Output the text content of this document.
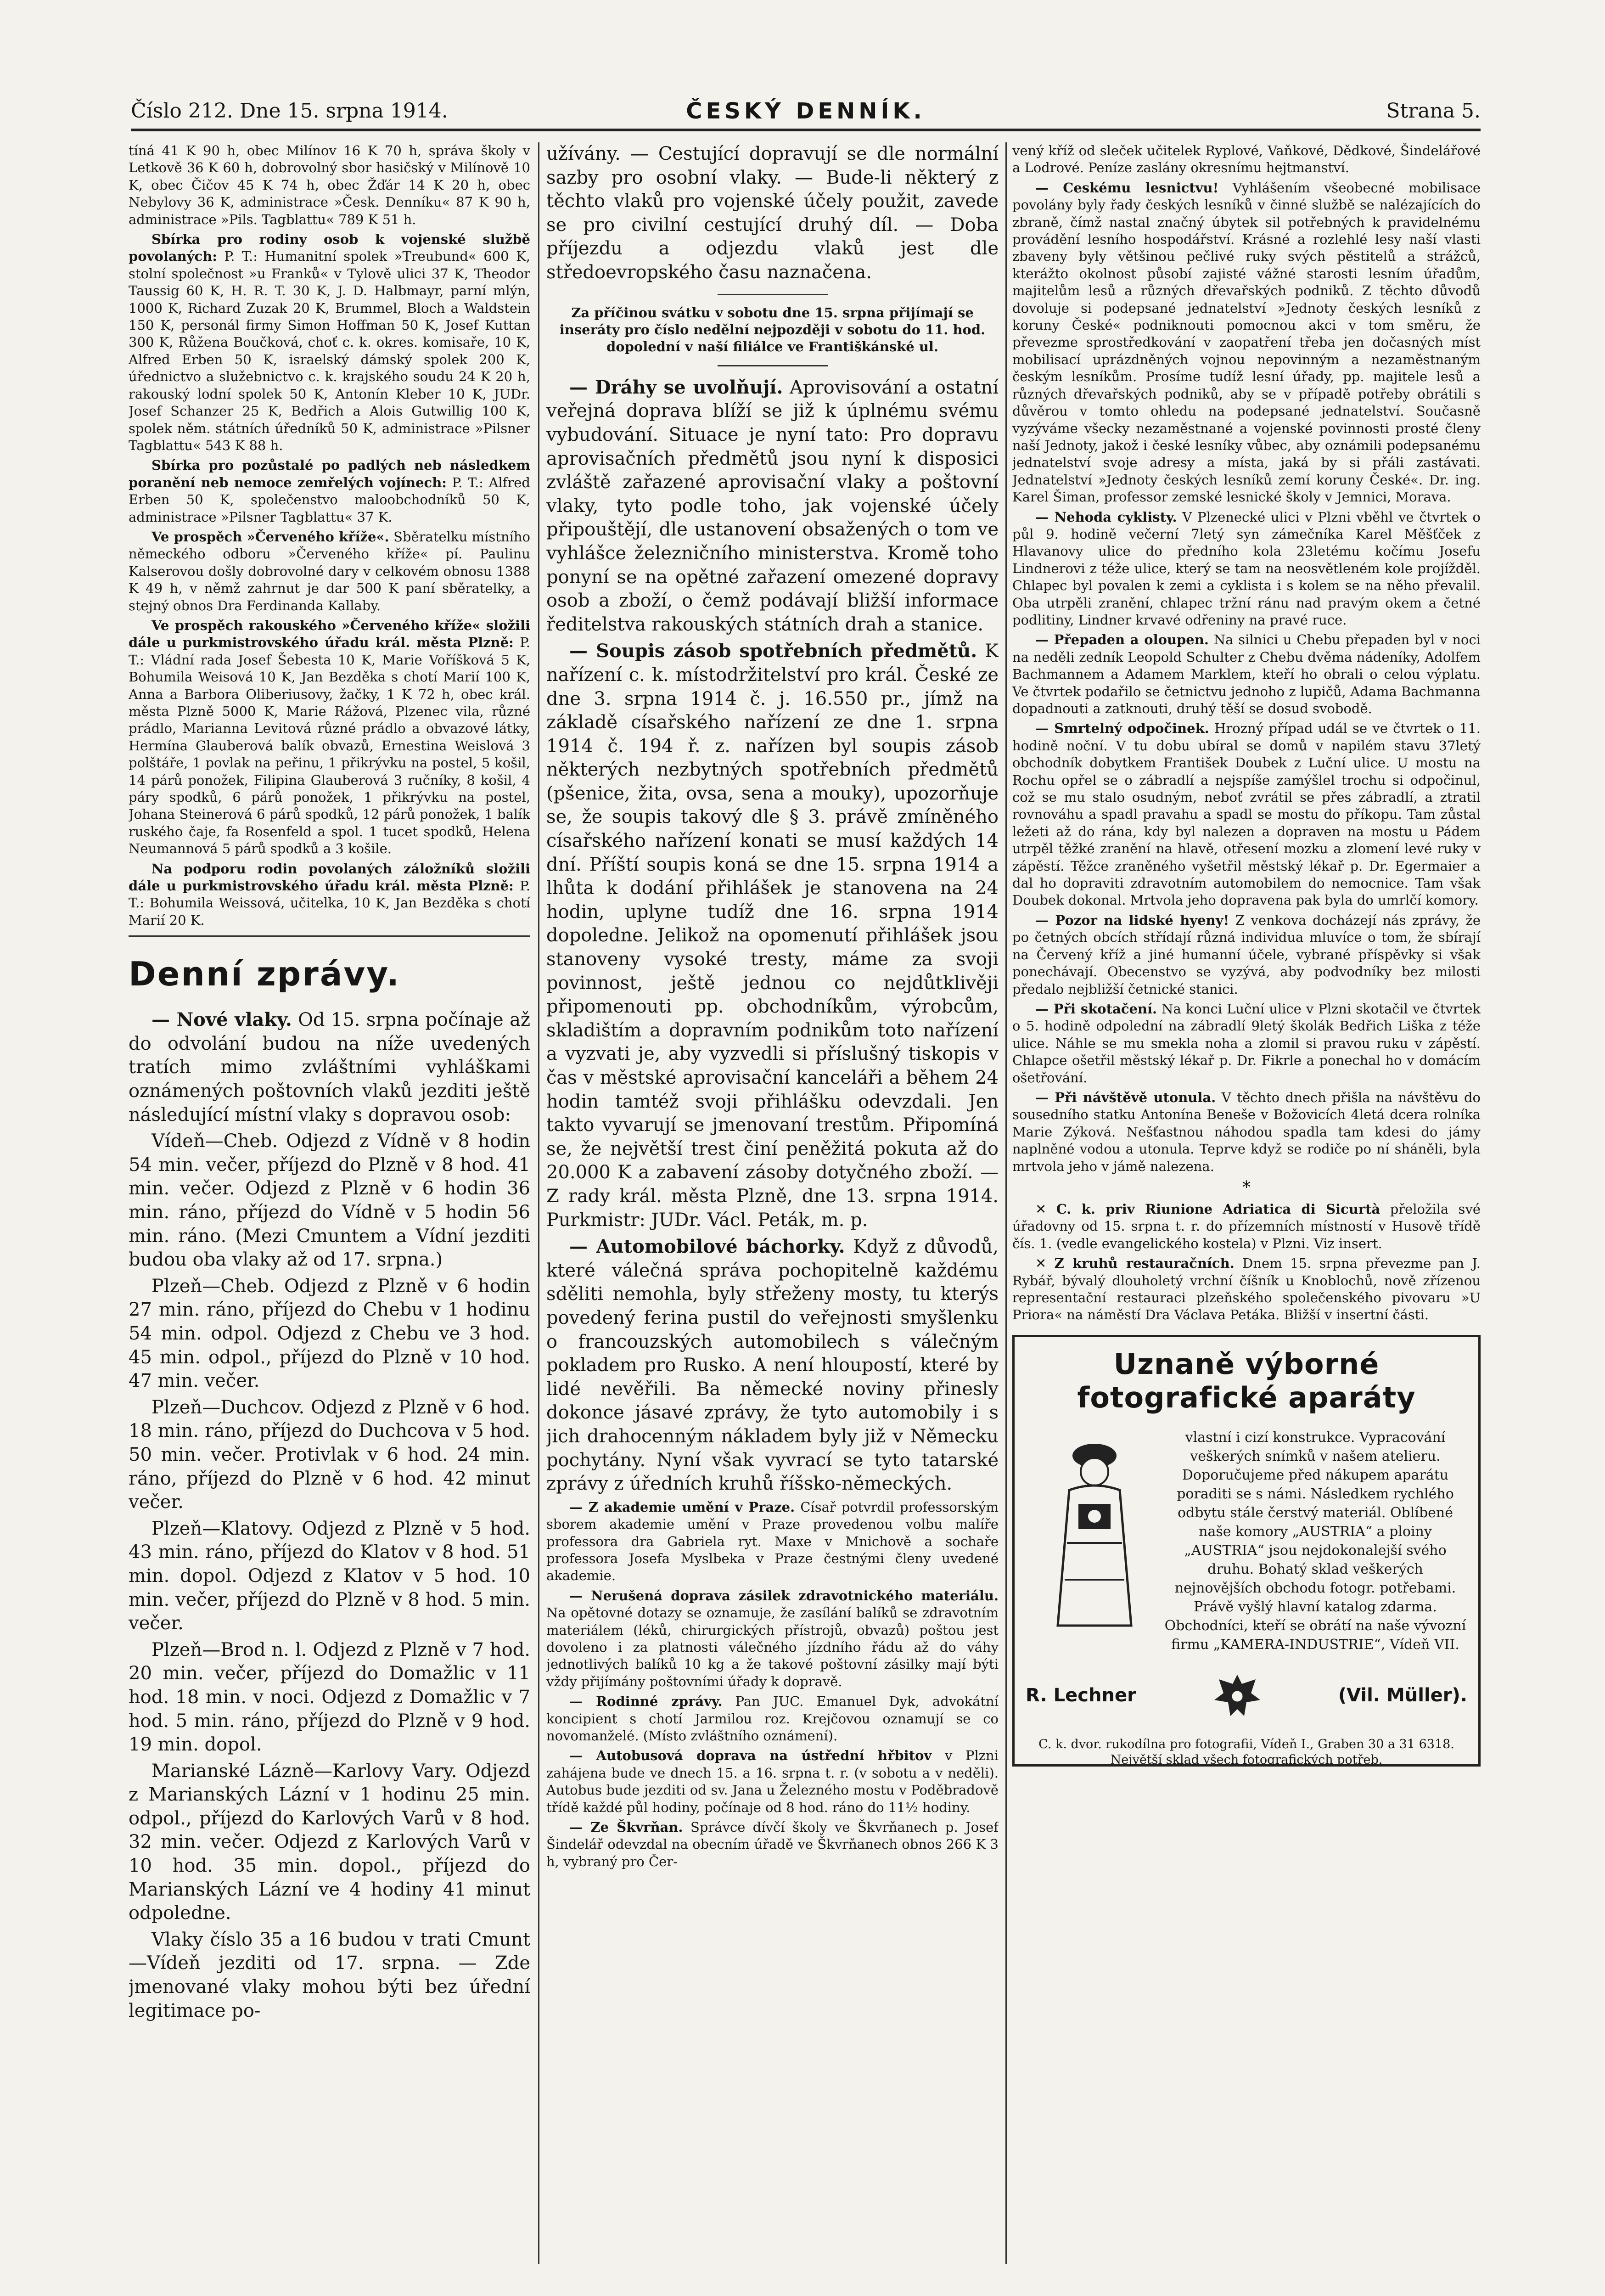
Číslo 212. Dne 15. srpna 1914.	ČESKÝ DENNÍK.	Strana 5.

tíná 41 K 90 h, obec Milínov 16 K 70 h, správa školy v Letkově 36 K 60 h, dobrovolný sbor hasičský v Milínově 10 K, obec Čičov 45 K 74 h, obec Žďár 14 K 20 h, obec Nebylovy 36 K, administrace »Česk. Denníku« 87 K 90 h, administrace »Pils. Tagblattu« 789 K 51 h.

Sbírka pro rodiny osob k vojenské službě povolaných: P. T.: Humanitní spolek »Treubund« 600 K, stolní společnost »u Franků« v Tylově ulici 37 K, Theodor Taussig 60 K, H. R. T. 30 K, J. D. Halbmayr, parní mlýn, 1000 K, Richard Zuzak 20 K, Brummel, Bloch a Waldstein 150 K, personál firmy Simon Hoffman 50 K, Josef Kuttan 300 K, Růžena Boučková, choť c. k. okres. komisaře, 10 K, Alfred Erben 50 K, israelský dámský spolek 200 K, úřednictvo a služebnictvo c. k. krajského soudu 24 K 20 h, rakouský lodní spolek 50 K, Antonín Kleber 10 K, JUDr. Josef Schanzer 25 K, Bedřich a Alois Gutwillig 100 K, spolek něm. státních úředníků 50 K, administrace »Pilsner Tagblattu« 543 K 88 h.

Sbírka pro pozůstalé po padlých neb následkem poranění neb nemoce zemřelých vojínech: P. T.: Alfred Erben 50 K, společenstvo maloobchodníků 50 K, administrace »Pilsner Tagblattu« 37 K.

Ve prospěch »Červeného kříže«. Sběratelku místního německého odboru »Červeného kříže« pí. Paulinu Kalserovou došly dobrovolné dary v celkovém obnosu 1388 K 49 h, v němž zahrnut je dar 500 K paní sběratelky, a stejný obnos Dra Ferdinanda Kallaby.

Ve prospěch rakouského »Červeného kříže« složili dále u purkmistrovského úřadu král. města Plzně: P. T.: Vládní rada Josef Šebesta 10 K, Marie Voříšková 5 K, Bohumila Weisová 10 K, Jan Bezděka s chotí Marií 100 K, Anna a Barbora Oliberiusovy, žačky, 1 K 72 h, obec král. města Plzně 5000 K, Marie Rážová, Plzenec vila, různé prádlo, Marianna Levitová různé prádlo a obvazové látky, Hermína Glauberová balík obvazů, Ernestina Weislová 3 polštáře, 1 povlak na peřinu, 1 přikrývku na postel, 5 košil, 14 párů ponožek, Filipina Glauberová 3 ručníky, 8 košil, 4 páry spodků, 6 párů ponožek, 1 přikrývku na postel, Johana Steinerová 6 párů spodků, 12 párů ponožek, 1 balík ruského čaje, fa Rosenfeld a spol. 1 tucet spodků, Helena Neumannová 5 párů spodků a 3 košile.

Na podporu rodin povolaných záložníků složili dále u purkmistrovského úřadu král. města Plzně: P. T.: Bohumila Weissová, učitelka, 10 K, Jan Bezděka s chotí Marií 20 K.

Denní zprávy.

— Nové vlaky. Od 15. srpna počínaje až do odvolání budou na níže uvedených tratích mimo zvláštními vyhláškami oznámených poštovních vlaků jezditi ještě následující místní vlaky s dopravou osob:

Vídeň—Cheb. Odjezd z Vídně v 8 hodin 54 min. večer, příjezd do Plzně v 8 hod. 41 min. večer. Odjezd z Plzně v 6 hodin 36 min. ráno, příjezd do Vídně v 5 hodin 56 min. ráno. (Mezi Cmuntem a Vídní jezditi budou oba vlaky až od 17. srpna.)

Plzeň—Cheb. Odjezd z Plzně v 6 hodin 27 min. ráno, příjezd do Chebu v 1 hodinu 54 min. odpol. Odjezd z Chebu ve 3 hod. 45 min. odpol., příjezd do Plzně v 10 hod. 47 min. večer.

Plzeň—Duchcov. Odjezd z Plzně v 6 hod. 18 min. ráno, příjezd do Duchcova v 5 hod. 50 min. večer. Protivlak v 6 hod. 24 min. ráno, příjezd do Plzně v 6 hod. 42 minut večer.

Plzeň—Klatovy. Odjezd z Plzně v 5 hod. 43 min. ráno, příjezd do Klatov v 8 hod. 51 min. dopol. Odjezd z Klatov v 5 hod. 10 min. večer, příjezd do Plzně v 8 hod. 5 min. večer.

Plzeň—Brod n. l. Odjezd z Plzně v 7 hod. 20 min. večer, příjezd do Domažlic v 11 hod. 18 min. v noci. Odjezd z Domažlic v 7 hod. 5 min. ráno, příjezd do Plzně v 9 hod. 19 min. dopol.

Marianské Lázně—Karlovy Vary. Odjezd z Marianských Lázní v 1 hodinu 25 min. odpol., příjezd do Karlových Varů v 8 hod. 32 min. večer. Odjezd z Karlových Varů v 10 hod. 35 min. dopol., příjezd do Marianských Lázní ve 4 hodiny 41 minut odpoledne.

Vlaky číslo 35 a 16 budou v trati Cmunt—Vídeň jezditi od 17. srpna. — Zde jmenované vlaky mohou býti bez úřední legitimace po-

užívány. — Cestující dopravují se dle normální sazby pro osobní vlaky. — Bude-li některý z těchto vlaků pro vojenské účely použit, zavede se pro civilní cestující druhý díl. — Doba příjezdu a odjezdu vlaků jest dle středoevropského času naznačena.

Za příčinou svátku v sobotu dne 15. srpna přijímají se inseráty pro číslo nedělní nejpozději v sobotu do 11. hod. dopolední v naší filiálce ve Františkánské ul.

— Dráhy se uvolňují. Aprovisování a ostatní veřejná doprava blíží se již k úplnému svému vybudování. Situace je nyní tato: Pro dopravu aprovisačních předmětů jsou nyní k disposici zvláště zařazené aprovisační vlaky a poštovní vlaky, tyto podle toho, jak vojenské účely připouštějí, dle ustanovení obsažených o tom ve vyhlášce železničního ministerstva. Kromě toho ponyní se na opětné zařazení omezené dopravy osob a zboží, o čemž podávají bližší informace ředitelstva rakouských státních drah a stanice.

— Soupis zásob spotřebních předmětů. K nařízení c. k. místodržitelství pro král. České ze dne 3. srpna 1914 č. j. 16.550 pr., jímž na základě císařského nařízení ze dne 1. srpna 1914 č. 194 ř. z. nařízen byl soupis zásob některých nezbytných spotřebních předmětů (pšenice, žita, ovsa, sena a mouky), upozorňuje se, že soupis takový dle § 3. právě zmíněného císařského nařízení konati se musí každých 14 dní. Příští soupis koná se dne 15. srpna 1914 a lhůta k dodání přihlášek je stanovena na 24 hodin, uplyne tudíž dne 16. srpna 1914 dopoledne. Jelikož na opomenutí přihlášek jsou stanoveny vysoké tresty, máme za svoji povinnost, ještě jednou co nejdůtklivěji připomenouti pp. obchodníkům, výrobcům, skladištím a dopravním podnikům toto nařízení a vyzvati je, aby vyzvedli si příslušný tiskopis v čas v městské aprovisační kanceláři a během 24 hodin tamtéž svoji přihlášku odevzdali. Jen takto vyvarují se jmenovaní trestům. Připomíná se, že největší trest činí peněžitá pokuta až do 20.000 K a zabavení zásoby dotyčného zboží. — Z rady král. města Plzně, dne 13. srpna 1914. Purkmistr: JUDr. Václ. Peták, m. p.

— Automobilové báchorky. Když z důvodů, které válečná správa pochopitelně každému sděliti nemohla, byly střeženy mosty, tu kterýs povedený ferina pustil do veřejnosti smyšlenku o francouzských automobilech s válečným pokladem pro Rusko. A není hloupostí, které by lidé nevěřili. Ba německé noviny přinesly dokonce jásavé zprávy, že tyto automobily i s jich drahocenným nákladem byly již v Německu pochytány. Nyní však vyvrací se tyto tatarské zprávy z úředních kruhů říšsko-německých.

— Z akademie umění v Praze. Císař potvrdil professorským sborem akademie umění v Praze provedenou volbu malíře professora dra Gabriela ryt. Maxe v Mnichově a sochaře professora Josefa Myslbeka v Praze čestnými členy uvedené akademie.

— Nerušená doprava zásilek zdravotnického materiálu. Na opětovné dotazy se oznamuje, že zasílání balíků se zdravotním materiálem (léků, chirurgických přístrojů, obvazů) poštou jest dovoleno i za platnosti válečného jízdního řádu až do váhy jednotlivých balíků 10 kg a že takové poštovní zásilky mají býti vždy přijímány poštovními úřady k dopravě.

— Rodinné zprávy. Pan JUC. Emanuel Dyk, advokátní koncipient s chotí Jarmilou roz. Krejčovou oznamují se co novomanželé. (Místo zvláštního oznámení).

— Autobusová doprava na ústřední hřbitov v Plzni zahájena bude ve dnech 15. a 16. srpna t. r. (v sobotu a v neděli). Autobus bude jezditi od sv. Jana u Železného mostu v Poděbradově třídě každé půl hodiny, počínaje od 8 hod. ráno do 11½ hodiny.

— Ze Škvrňan. Správce dívčí školy ve Škvrňanech p. Josef Šindelář odevzdal na obecním úřadě ve Škvrňanech obnos 266 K 3 h, vybraný pro Čer-

vený kříž od sleček učitelek Ryplové, Vaňkové, Dědkové, Šindelářové a Lodrové. Peníze zaslány okresnímu hejtmanství.

— Ceskému lesnictvu! Vyhlášením všeobecné mobilisace povolány byly řady českých lesníků v činné službě se nalézajících do zbraně, čímž nastal značný úbytek sil potřebných k pravidelnému provádění lesního hospodářství. Krásné a rozlehlé lesy naší vlasti zbaveny byly většinou pečlivé ruky svých pěstitelů a strážců, kterážto okolnost působí zajisté vážné starosti lesním úřadům, majitelům lesů a různých dřevařských podniků. Z těchto důvodů dovoluje si podepsané jednatelství »Jednoty českých lesníků z koruny České« podniknouti pomocnou akci v tom směru, že převezme sprostředkování v zaopatření třeba jen dočasných míst mobilisací uprázdněných vojnou nepovinným a nezaměstnaným českým lesníkům. Prosíme tudíž lesní úřady, pp. majitele lesů a různých dřevařských podniků, aby se v případě potřeby obrátili s důvěrou v tomto ohledu na podepsané jednatelství. Současně vyzýváme všecky nezaměstnané a vojenské povinnosti prosté členy naší Jednoty, jakož i české lesníky vůbec, aby oznámili podepsanému jednatelství svoje adresy a místa, jaká by si přáli zastávati. Jednatelství »Jednoty českých lesníků zemí koruny České«. Dr. ing. Karel Šiman, professor zemské lesnické školy v Jemnici, Morava.

— Nehoda cyklisty. V Plzenecké ulici v Plzni vběhl ve čtvrtek o půl 9. hodině večerní 7letý syn zámečníka Karel Měšťček z Hlavanovy ulice do předního kola 23letému kočímu Josefu Lindnerovi z téže ulice, který se tam na neosvětleném kole projížděl. Chlapec byl povalen k zemi a cyklista i s kolem se na něho převalil. Oba utrpěli zranění, chlapec tržní ránu nad pravým okem a četné podlitiny, Lindner krvavé odřeniny na pravé ruce.

— Přepaden a oloupen. Na silnici u Chebu přepaden byl v noci na neděli zedník Leopold Schulter z Chebu dvěma nádeníky, Adolfem Bachmannem a Adamem Marklem, kteří ho obrali o celou výplatu. Ve čtvrtek podařilo se četnictvu jednoho z lupičů, Adama Bachmanna dopadnouti a zatknouti, druhý těší se dosud svobodě.

— Smrtelný odpočinek. Hrozný případ udál se ve čtvrtek o 11. hodině noční. V tu dobu ubíral se domů v napilém stavu 37letý obchodník dobytkem František Doubek z Luční ulice. U mostu na Rochu opřel se o zábradlí a nejspíše zamýšlel trochu si odpočinul, což se mu stalo osudným, neboť zvrátil se přes zábradlí, a ztratil rovnováhu a spadl pravahu a spadl se mostu do příkopu. Tam zůstal ležeti až do rána, kdy byl nalezen a dopraven na mostu u Pádem utrpěl těžké zranění na hlavě, otřesení mozku a zlomení levé ruky v zápěstí. Těžce zraněného vyšetřil městský lékař p. Dr. Egermaier a dal ho dopraviti zdravotním automobilem do nemocnice. Tam však Doubek dokonal. Mrtvola jeho dopravena pak byla do umrlčí komory.

— Pozor na lidské hyeny! Z venkova docházejí nás zprávy, že po četných obcích střídají různá individua mluvíce o tom, že sbírají na Červený kříž a jiné humanní účele, vybrané příspěvky si však ponechávají. Obecenstvo se vyzývá, aby podvodníky bez milosti předalo nejbližší četnické stanici.

— Při skotačení. Na konci Luční ulice v Plzni skotačil ve čtvrtek o 5. hodině odpolední na zábradlí 9letý školák Bedřich Liška z téže ulice. Náhle se mu smekla noha a zlomil si pravou ruku v zápěstí. Chlapce ošetřil městský lékař p. Dr. Fikrle a ponechal ho v domácím ošetřování.

— Při návštěvě utonula. V těchto dnech přišla na návštěvu do sousedního statku Antonína Beneše v Božovicích 4letá dcera rolníka Marie Zýková. Nešťastnou náhodou spadla tam kdesi do jámy naplněné vodou a utonula. Teprve když se rodiče po ní sháněli, byla mrtvola jeho v jámě nalezena.

*

✕ C. k. priv Riunione Adriatica di Sicurtà přeložila své úřadovny od 15. srpna t. r. do přízemních místností v Husově třídě čís. 1. (vedle evangelického kostela) v Plzni. Viz insert.

✕ Z kruhů restauračních. Dnem 15. srpna převezme pan J. Rybář, bývalý dlouholetý vrchní číšník u Knoblochů, nově zřízenou representační restauraci plzeňského společenského pivovaru »U Priora« na náměstí Dra Václava Petáka. Bližší v insertní části.

Uznaně výborné fotografické aparáty
vlastní i cizí konstrukce. Vypracování veškerých snímků v našem atelieru. Doporučujeme před nákupem aparátu poraditi se s námi. Následkem rychlého odbytu stále čerstvý materiál. Oblíbené naše komory „AUSTRIA“ a ploiny „AUSTRIA“ jsou nejdokonalejší svého druhu. Bohatý sklad veškerých nejnovějších obchodu fotogr. potřebami. Právě vyšlý hlavní katalog zdarma. Obchodníci, kteří se obrátí na naše vývozní firmu „KAMERA-INDUSTRIE“, Vídeň VII.
R. Lechner	(Vil. Müller).
C. k. dvor. rukodílna pro fotografii, Vídeň I., Graben 30 a 31 6318. Největší sklad všech fotografických potřeb.
